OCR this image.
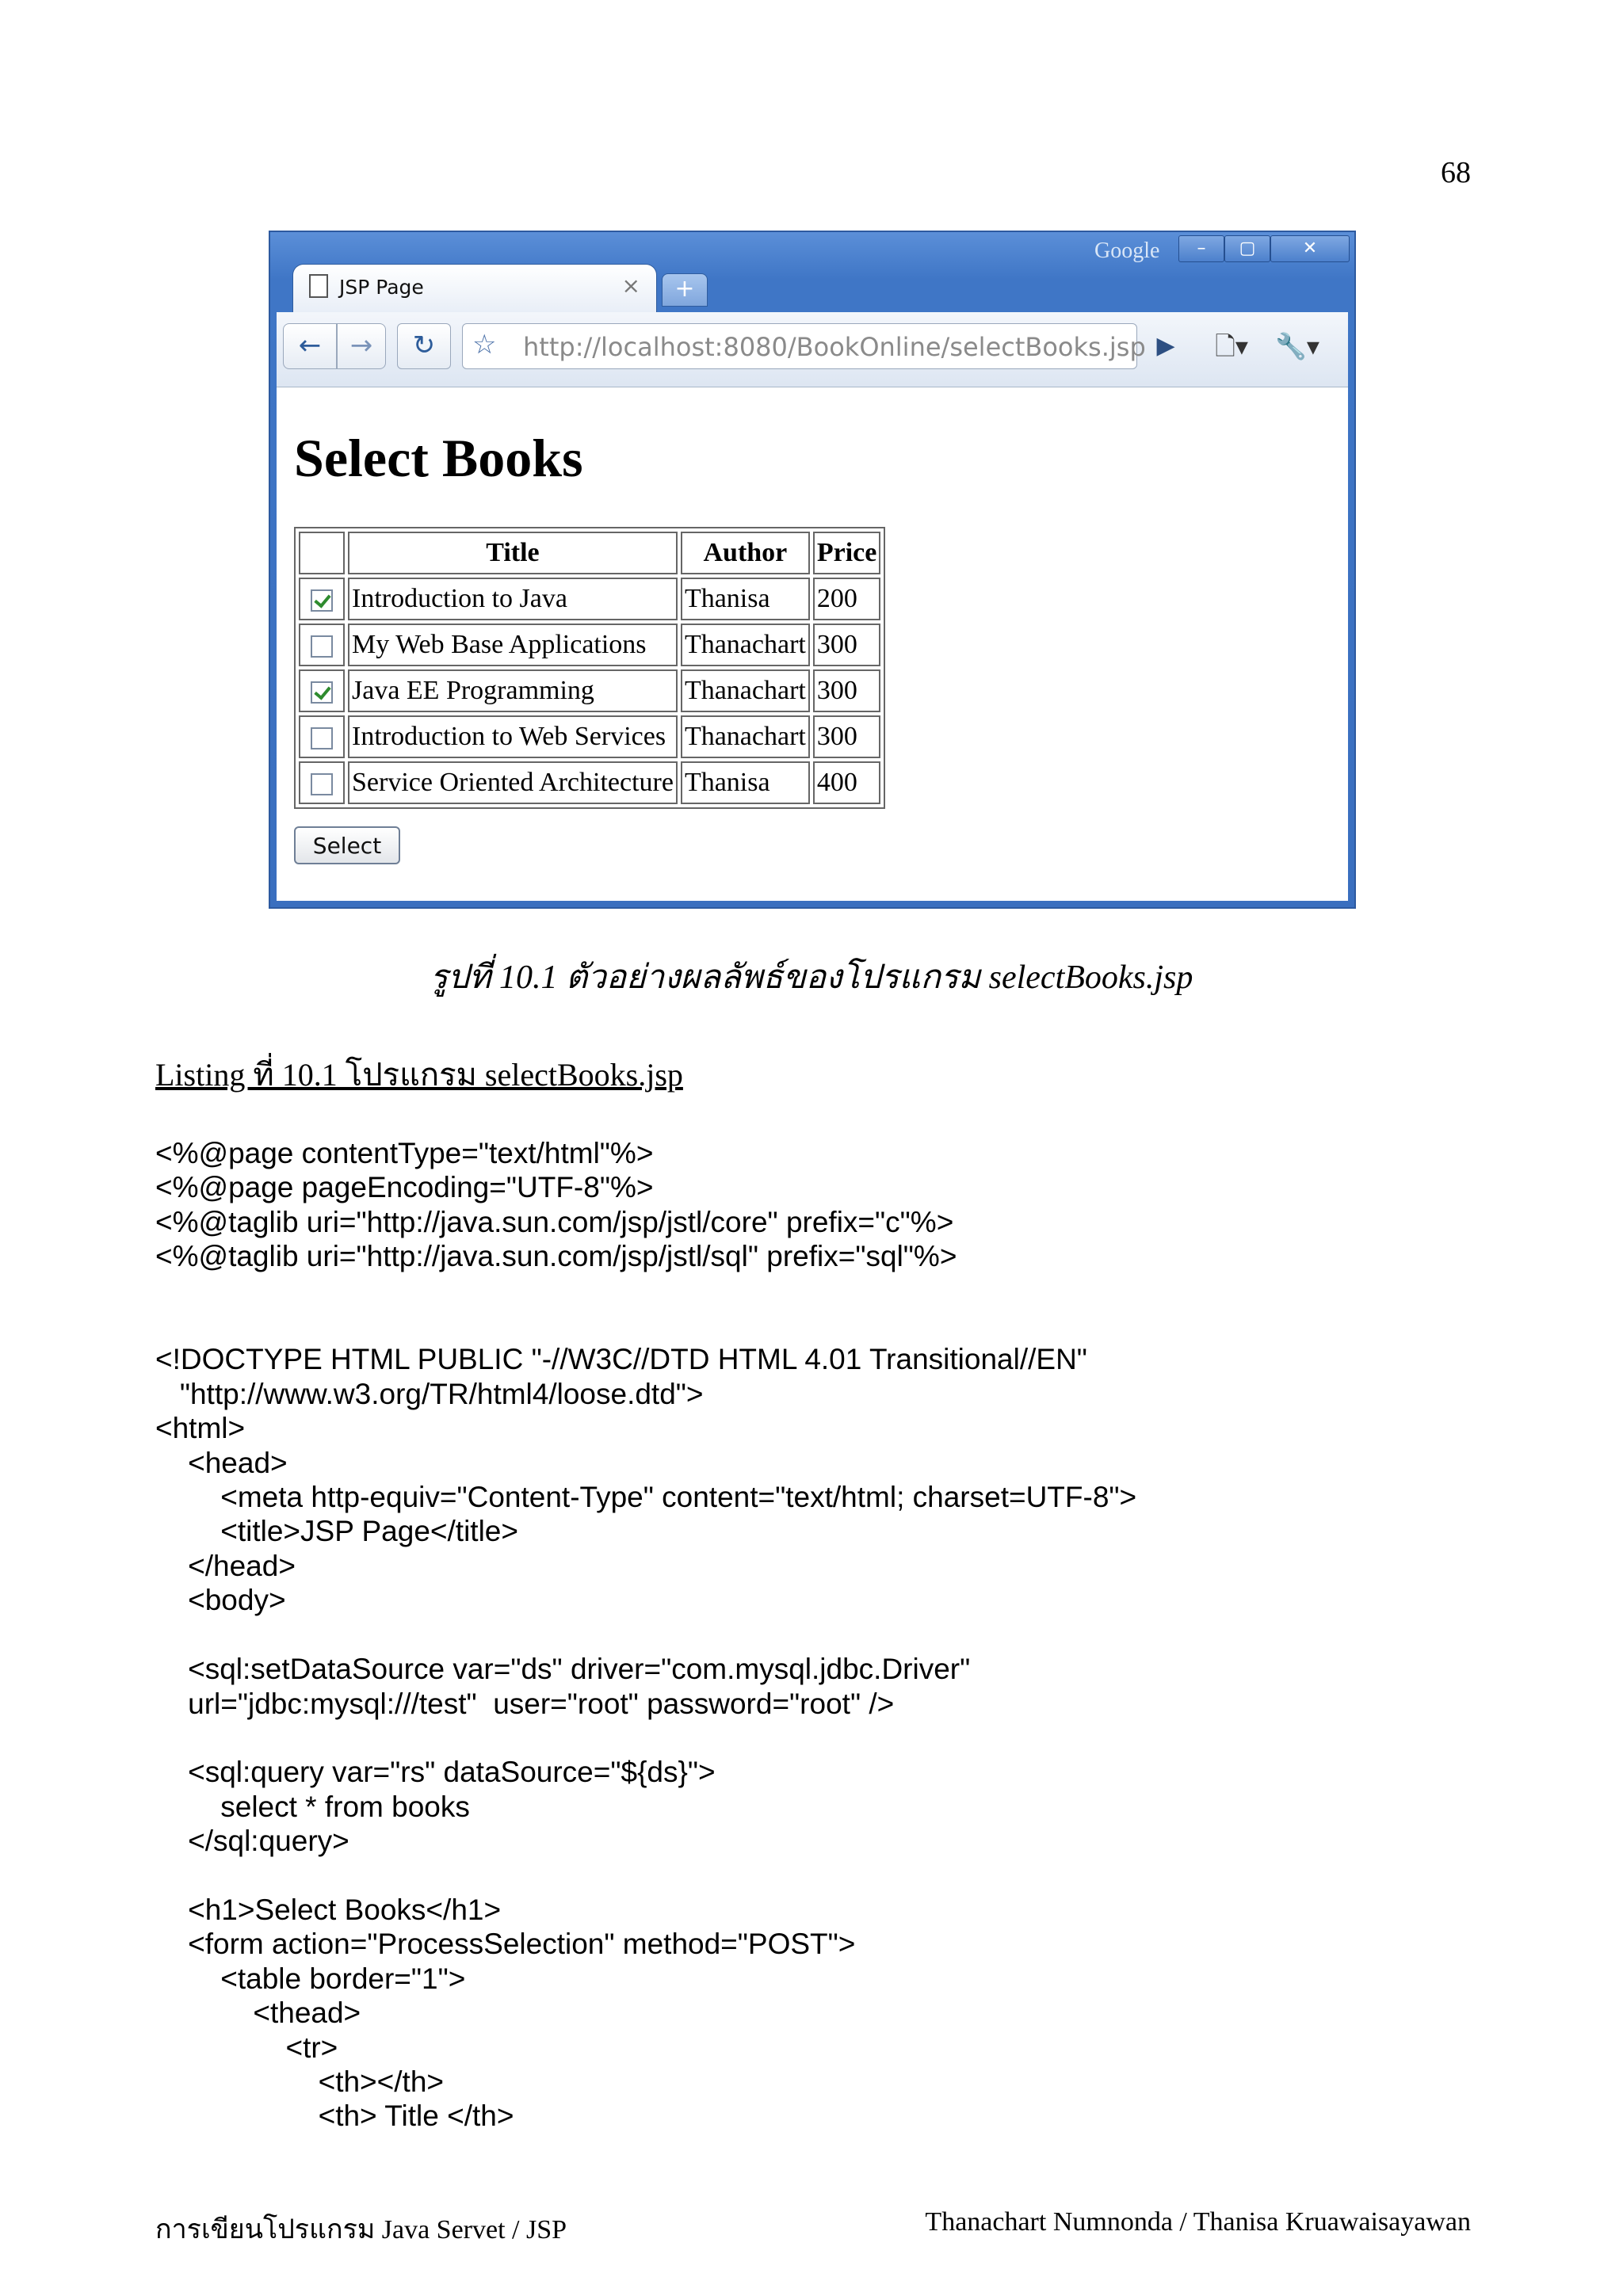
68
Google	–	▢	✕
JSP Page	×	+
←	→	↻	☆ http://localhost:8080/BookOnline/selectBooks.jsp ▶	🗋▾	🔧▾
Select Books
	Title	Author	Price
	Introduction to Java	Thanisa	200
	My Web Base Applications	Thanachart	300
	Java EE Programming	Thanachart	300
	Introduction to Web Services	Thanachart	300
	Service Oriented Architecture	Thanisa	400
Select
รูปที่ 10.1 ตัวอย่างผลลัพธ์ของโปรแกรม selectBooks.jsp
Listing ที่ 10.1 โปรแกรม selectBooks.jsp
<%@page contentType="text/html"%>
<%@page pageEncoding="UTF-8"%>
<%@taglib uri="http://java.sun.com/jsp/jstl/core" prefix="c"%>
<%@taglib uri="http://java.sun.com/jsp/jstl/sql" prefix="sql"%>

<!DOCTYPE HTML PUBLIC "-//W3C//DTD HTML 4.01 Transitional//EN"
"http://www.w3.org/TR/html4/loose.dtd">
<html>
<head>
<meta http-equiv="Content-Type" content="text/html; charset=UTF-8">
<title>JSP Page</title>
</head>
<body>

<sql:setDataSource var="ds" driver="com.mysql.jdbc.Driver"
url="jdbc:mysql:///test"  user="root" password="root" />

<sql:query var="rs" dataSource="${ds}">
select * from books
</sql:query>

<h1>Select Books</h1>
<form action="ProcessSelection" method="POST">
<table border="1">
<thead>
<tr>
<th></th>
<th> Title </th>
การเขียนโปรแกรม Java Servet / JSP	Thanachart Numnonda / Thanisa Kruawaisayawan
